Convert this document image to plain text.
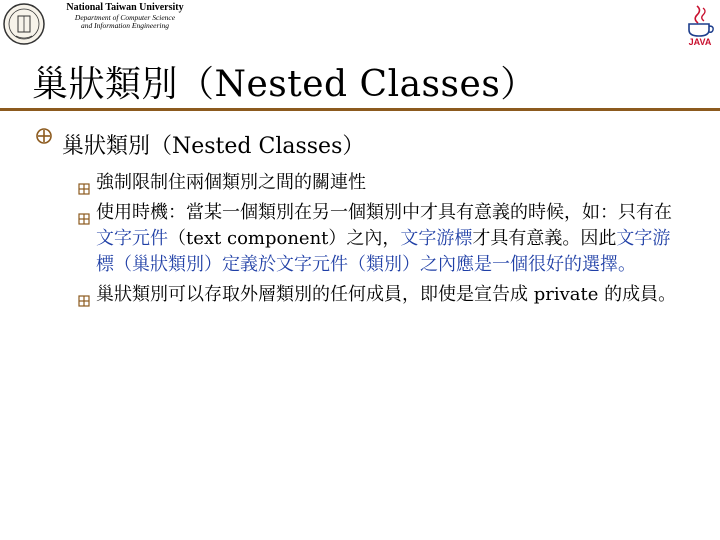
National Taiwan University
Department of Computer Science
and Information Engineering
JAVA
巢狀類別（Nested Classes）
巢狀類別（Nested Classes）
強制限制住兩個類別之間的關連性
使用時機：當某一個類別在另一個類別中才具有意義的時候，如：只有在文字元件（text component）之內，文字游標才具有意義。因此文字游標（巢狀類別）定義於文字元件（類別）之內應是一個很好的選擇。
巢狀類別可以存取外層類別的任何成員，即使是宣告成 private 的成員。
